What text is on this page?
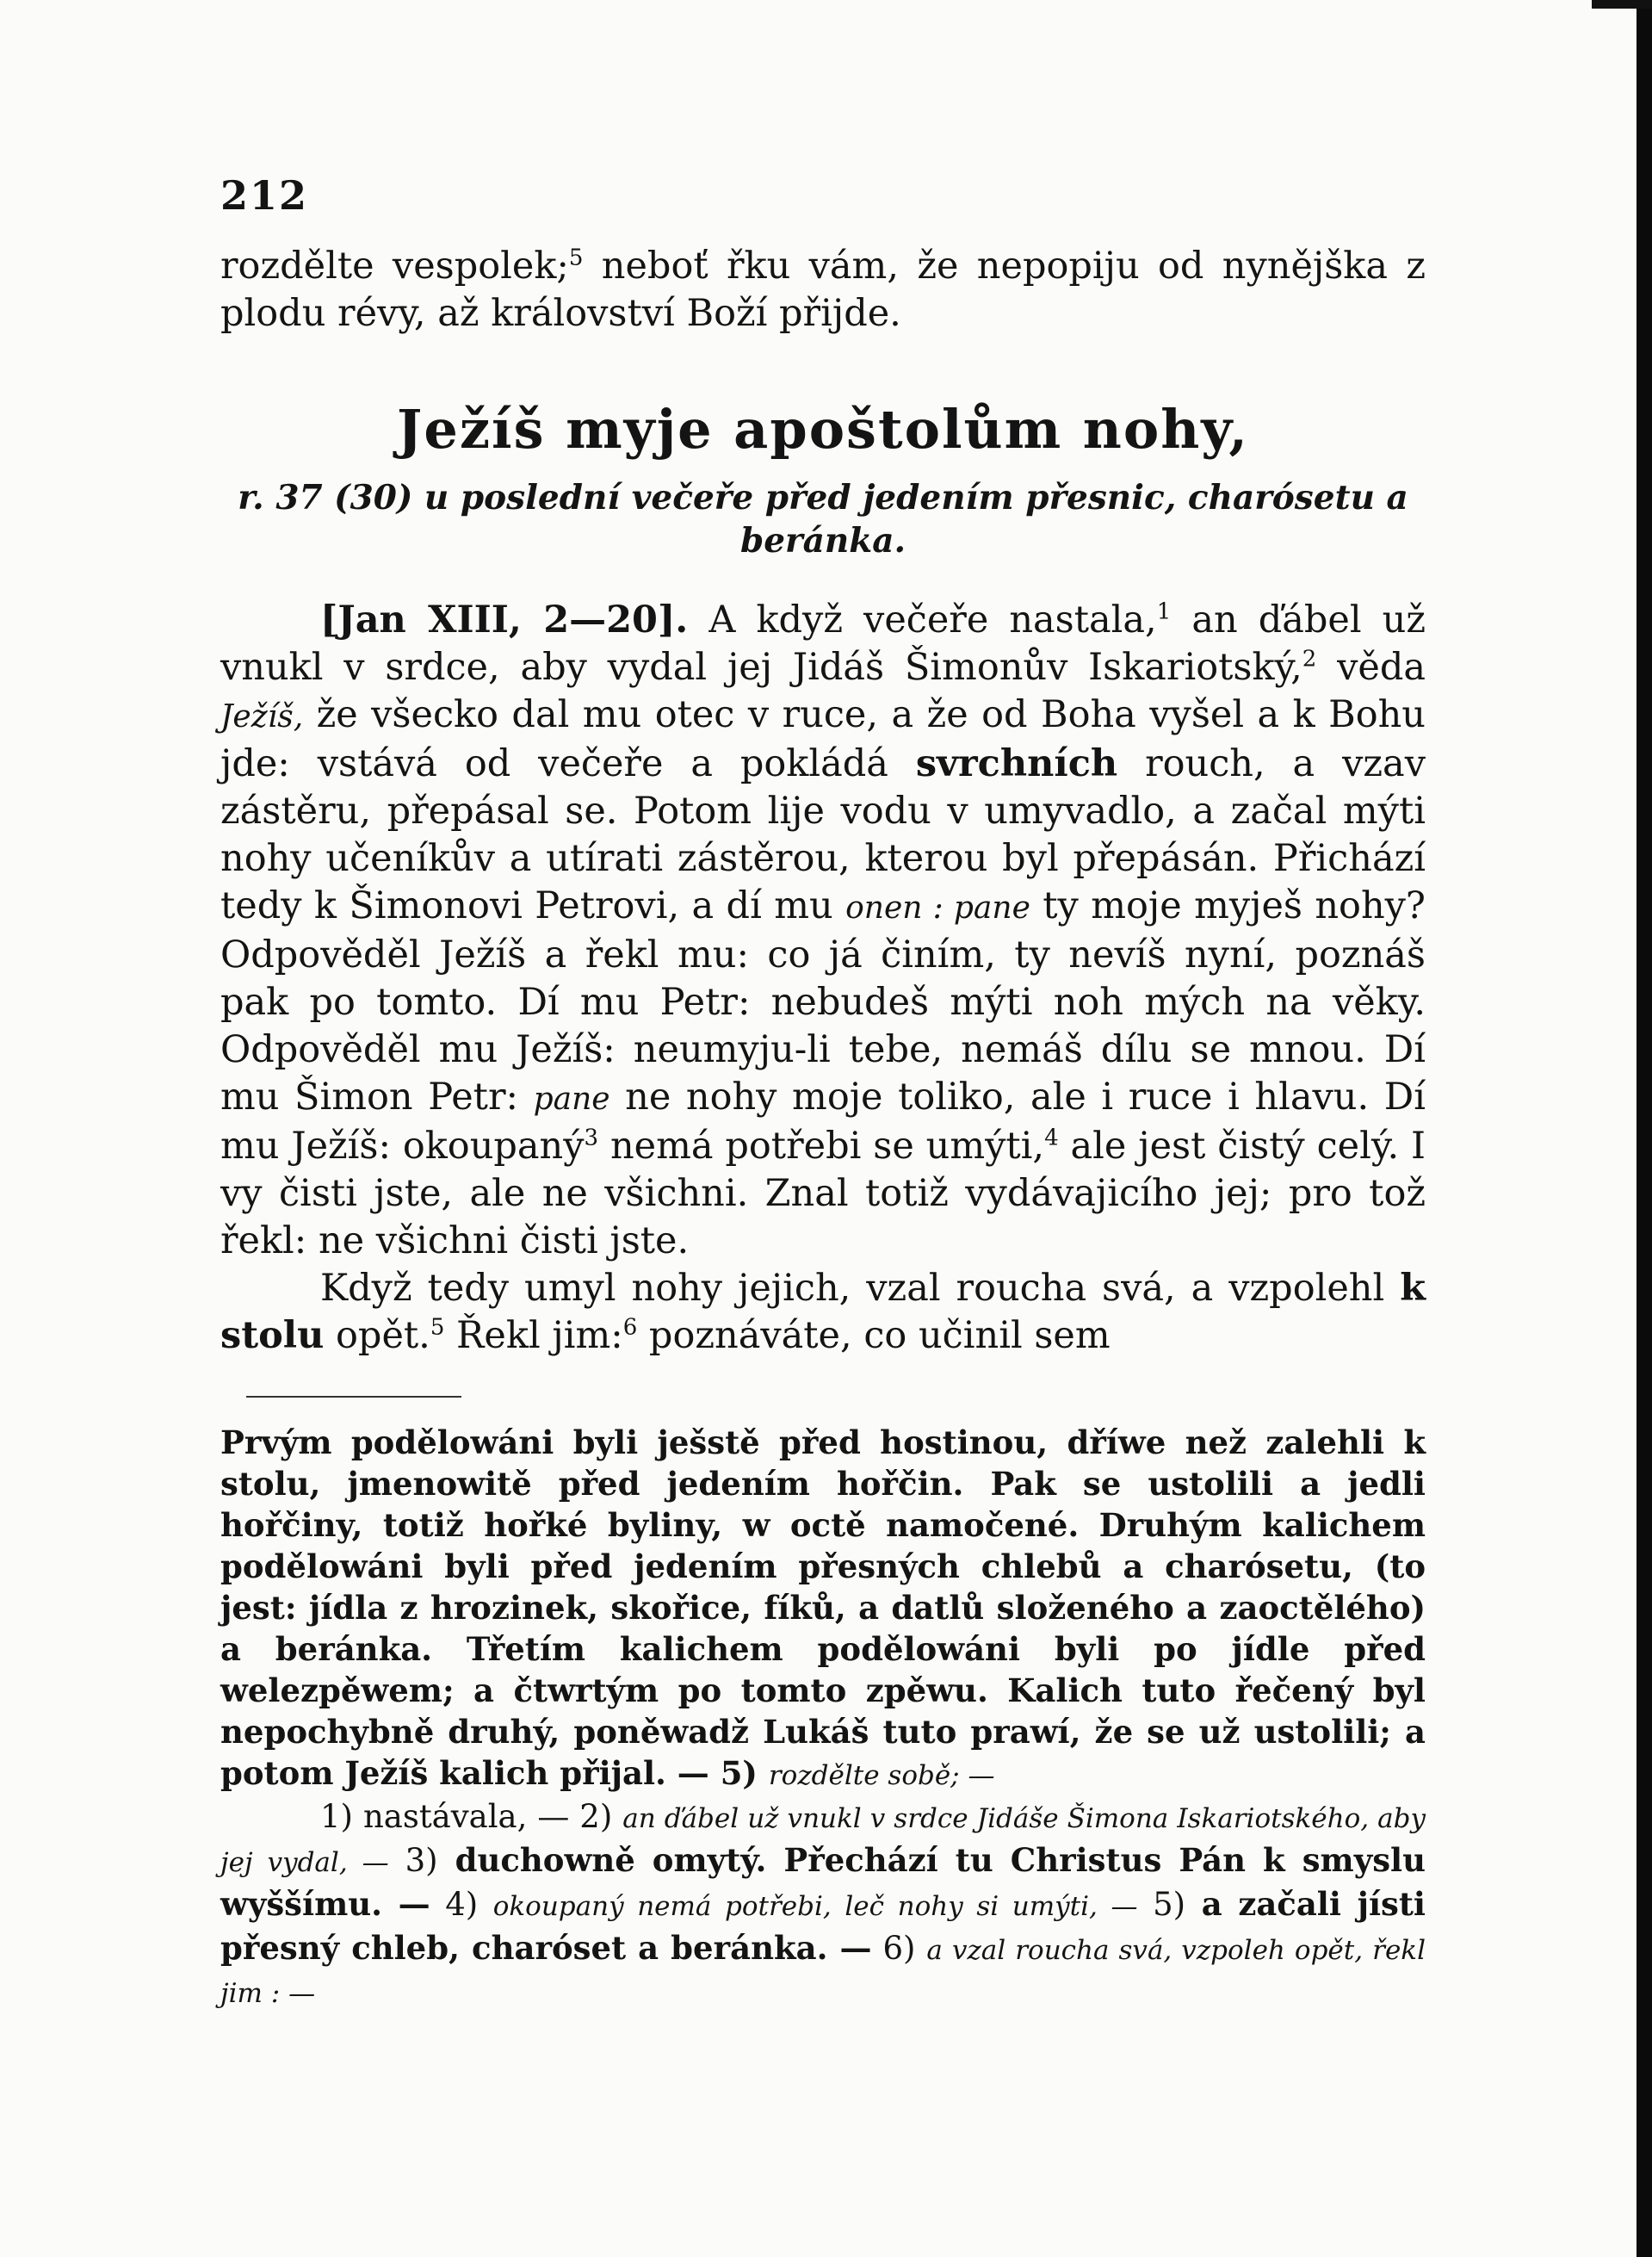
212

rozdělte vespolek;$^5$ neboť řku vám, že nepopiju od nynějška z plodu révy, až království Boží přijde.

Ježíš myje apoštolům nohy,
r. 37 (30) u poslední večeře před jedením přesnic, charósetu a beránka.

[Jan XIII, 2—20]. A když večeře nastala,$^1$ an ďábel už vnukl v srdce, aby vydal jej Jidáš Šimonův Iskariotský,$^2$ věda Ježíš, že všecko dal mu otec v ruce, a že od Boha vyšel a k Bohu jde: vstává od večeře a pokládá svrchních rouch, a vzav zástěru, přepásal se. Potom lije vodu v umyvadlo, a začal mýti nohy učeníkův a utírati zástěrou, kterou byl přepásán. Přichází tedy k Šimonovi Petrovi, a dí mu onen : pane ty moje myješ nohy? Odpověděl Ježíš a řekl mu: co já činím, ty nevíš nyní, poznáš pak po tomto. Dí mu Petr: nebudeš mýti noh mých na věky. Odpověděl mu Ježíš: neumyju-li tebe, nemáš dílu se mnou. Dí mu Šimon Petr: pane ne nohy moje toliko, ale i ruce i hlavu. Dí mu Ježíš: okoupaný$^3$ nemá potřebi se umýti,$^4$ ale jest čistý celý. I vy čisti jste, ale ne všichni. Znal totiž vydávajicího jej; pro tož řekl: ne všichni čisti jste.

Když tedy umyl nohy jejich, vzal roucha svá, a vzpolehl k stolu opět.$^5$ Řekl jim:$^6$ poznáváte, co učinil sem

Prvým podělowáni byli ješstě před hostinou, dříwe než zalehli k stolu, jmenowitě před jedením hořčin. Pak se ustolili a jedli hořčiny, totiž hořké byliny, w octě namočené. Druhým kalichem podělowáni byli před jedením přesných chlebů a charósetu, (to jest: jídla z hrozinek, skořice, fíků, a datlů složeného a zaoctělého) a beránka. Třetím kalichem podělowáni byli po jídle před welezpěwem; a čtwrtým po tomto zpěwu. Kalich tuto řečený byl nepochybně druhý, poněwadž Lukáš tuto prawí, že se už ustolili; a potom Ježíš kalich přijal. — 5) rozdělte sobě; —

1) nastávala, — 2) an ďábel už vnukl v srdce Jidáše Šimona Iskariotského, aby jej vydal, — 3) duchowně omytý. Přechází tu Christus Pán k smyslu wyššímu. — 4) okoupaný nemá potřebi, leč nohy si umýti, — 5) a začali jísti přesný chleb, charóset a beránka. — 6) a vzal roucha svá, vzpoleh opět, řekl jim : —
